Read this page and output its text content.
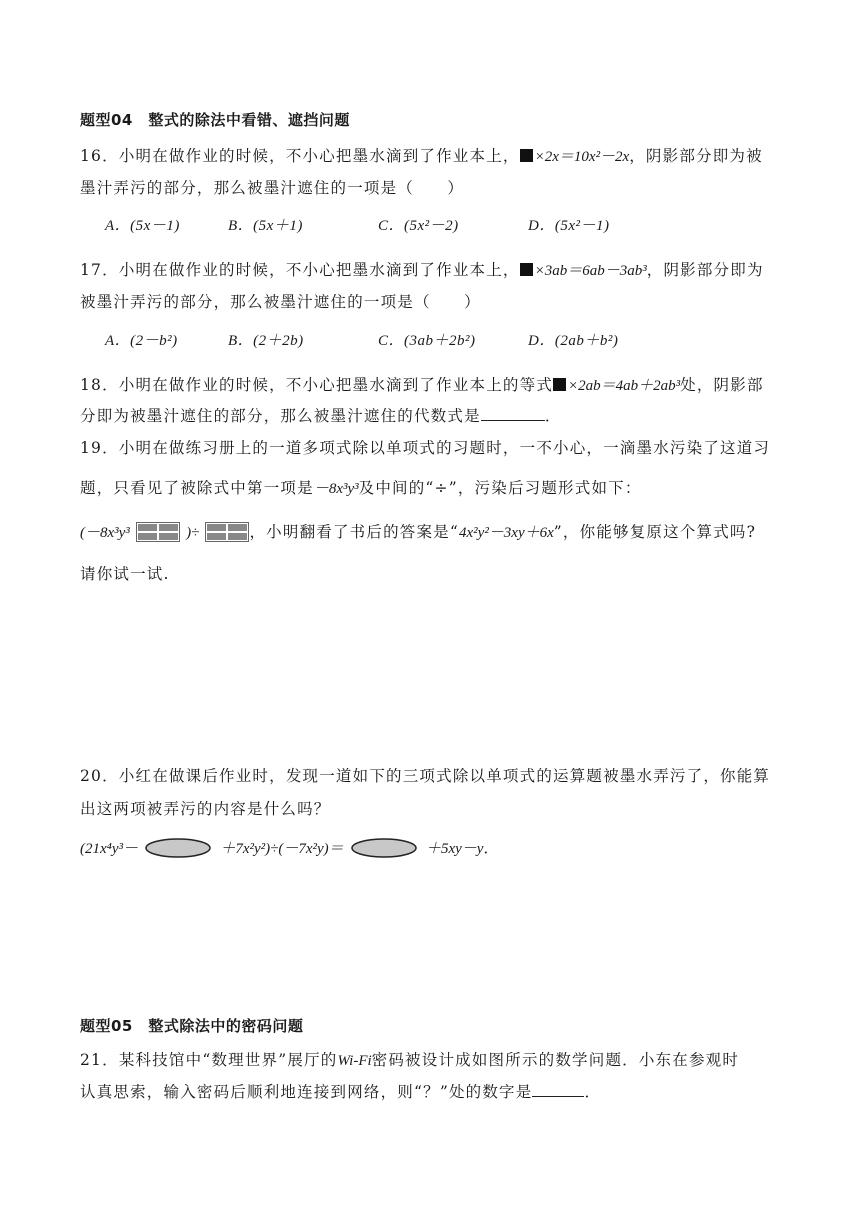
题型04　整式的除法中看错、遮挡问题
16．小明在做作业的时候，不小心把墨水滴到了作业本上， ×2x＝10x²－2x，阴影部分即为被
墨汁弄污的部分，那么被墨汁遮住的一项是（　　）
A．(5x－1)	B．(5x＋1)	C．(5x²－2)	D．(5x²－1)
17．小明在做作业的时候，不小心把墨水滴到了作业本上， ×3ab＝6ab－3ab³，阴影部分即为
被墨汁弄污的部分，那么被墨汁遮住的一项是（　　）
A．(2－b²)	B．(2＋2b)	C．(3ab＋2b²)	D．(2ab＋b²)
18．小明在做作业的时候，不小心把墨水滴到了作业本上的等式 ×2ab＝4ab＋2ab³处，阴影部
分即为被墨汁遮住的部分，那么被墨汁遮住的代数式是	．
19．小明在做练习册上的一道多项式除以单项式的习题时，一不小心，一滴墨水污染了这道习
题，只看见了被除式中第一项是－8x³y³及中间的“÷”，污染后习题形式如下：
(－8x³y³	)÷	，小明翻看了书后的答案是“4x²y²－3xy＋6x”，你能够复原这个算式吗?
请你试一试.
20．小红在做课后作业时，发现一道如下的三项式除以单项式的运算题被墨水弄污了，你能算
出这两项被弄污的内容是什么吗？
(21x⁴y³－	＋7x²y²)÷(－7x²y)＝	＋5xy－y．
题型05　整式除法中的密码问题
21．某科技馆中“数理世界”展厅的Wi-Fi密码被设计成如图所示的数学问题．小东在参观时
认真思索，输入密码后顺利地连接到网络，则“？”处的数字是	．
